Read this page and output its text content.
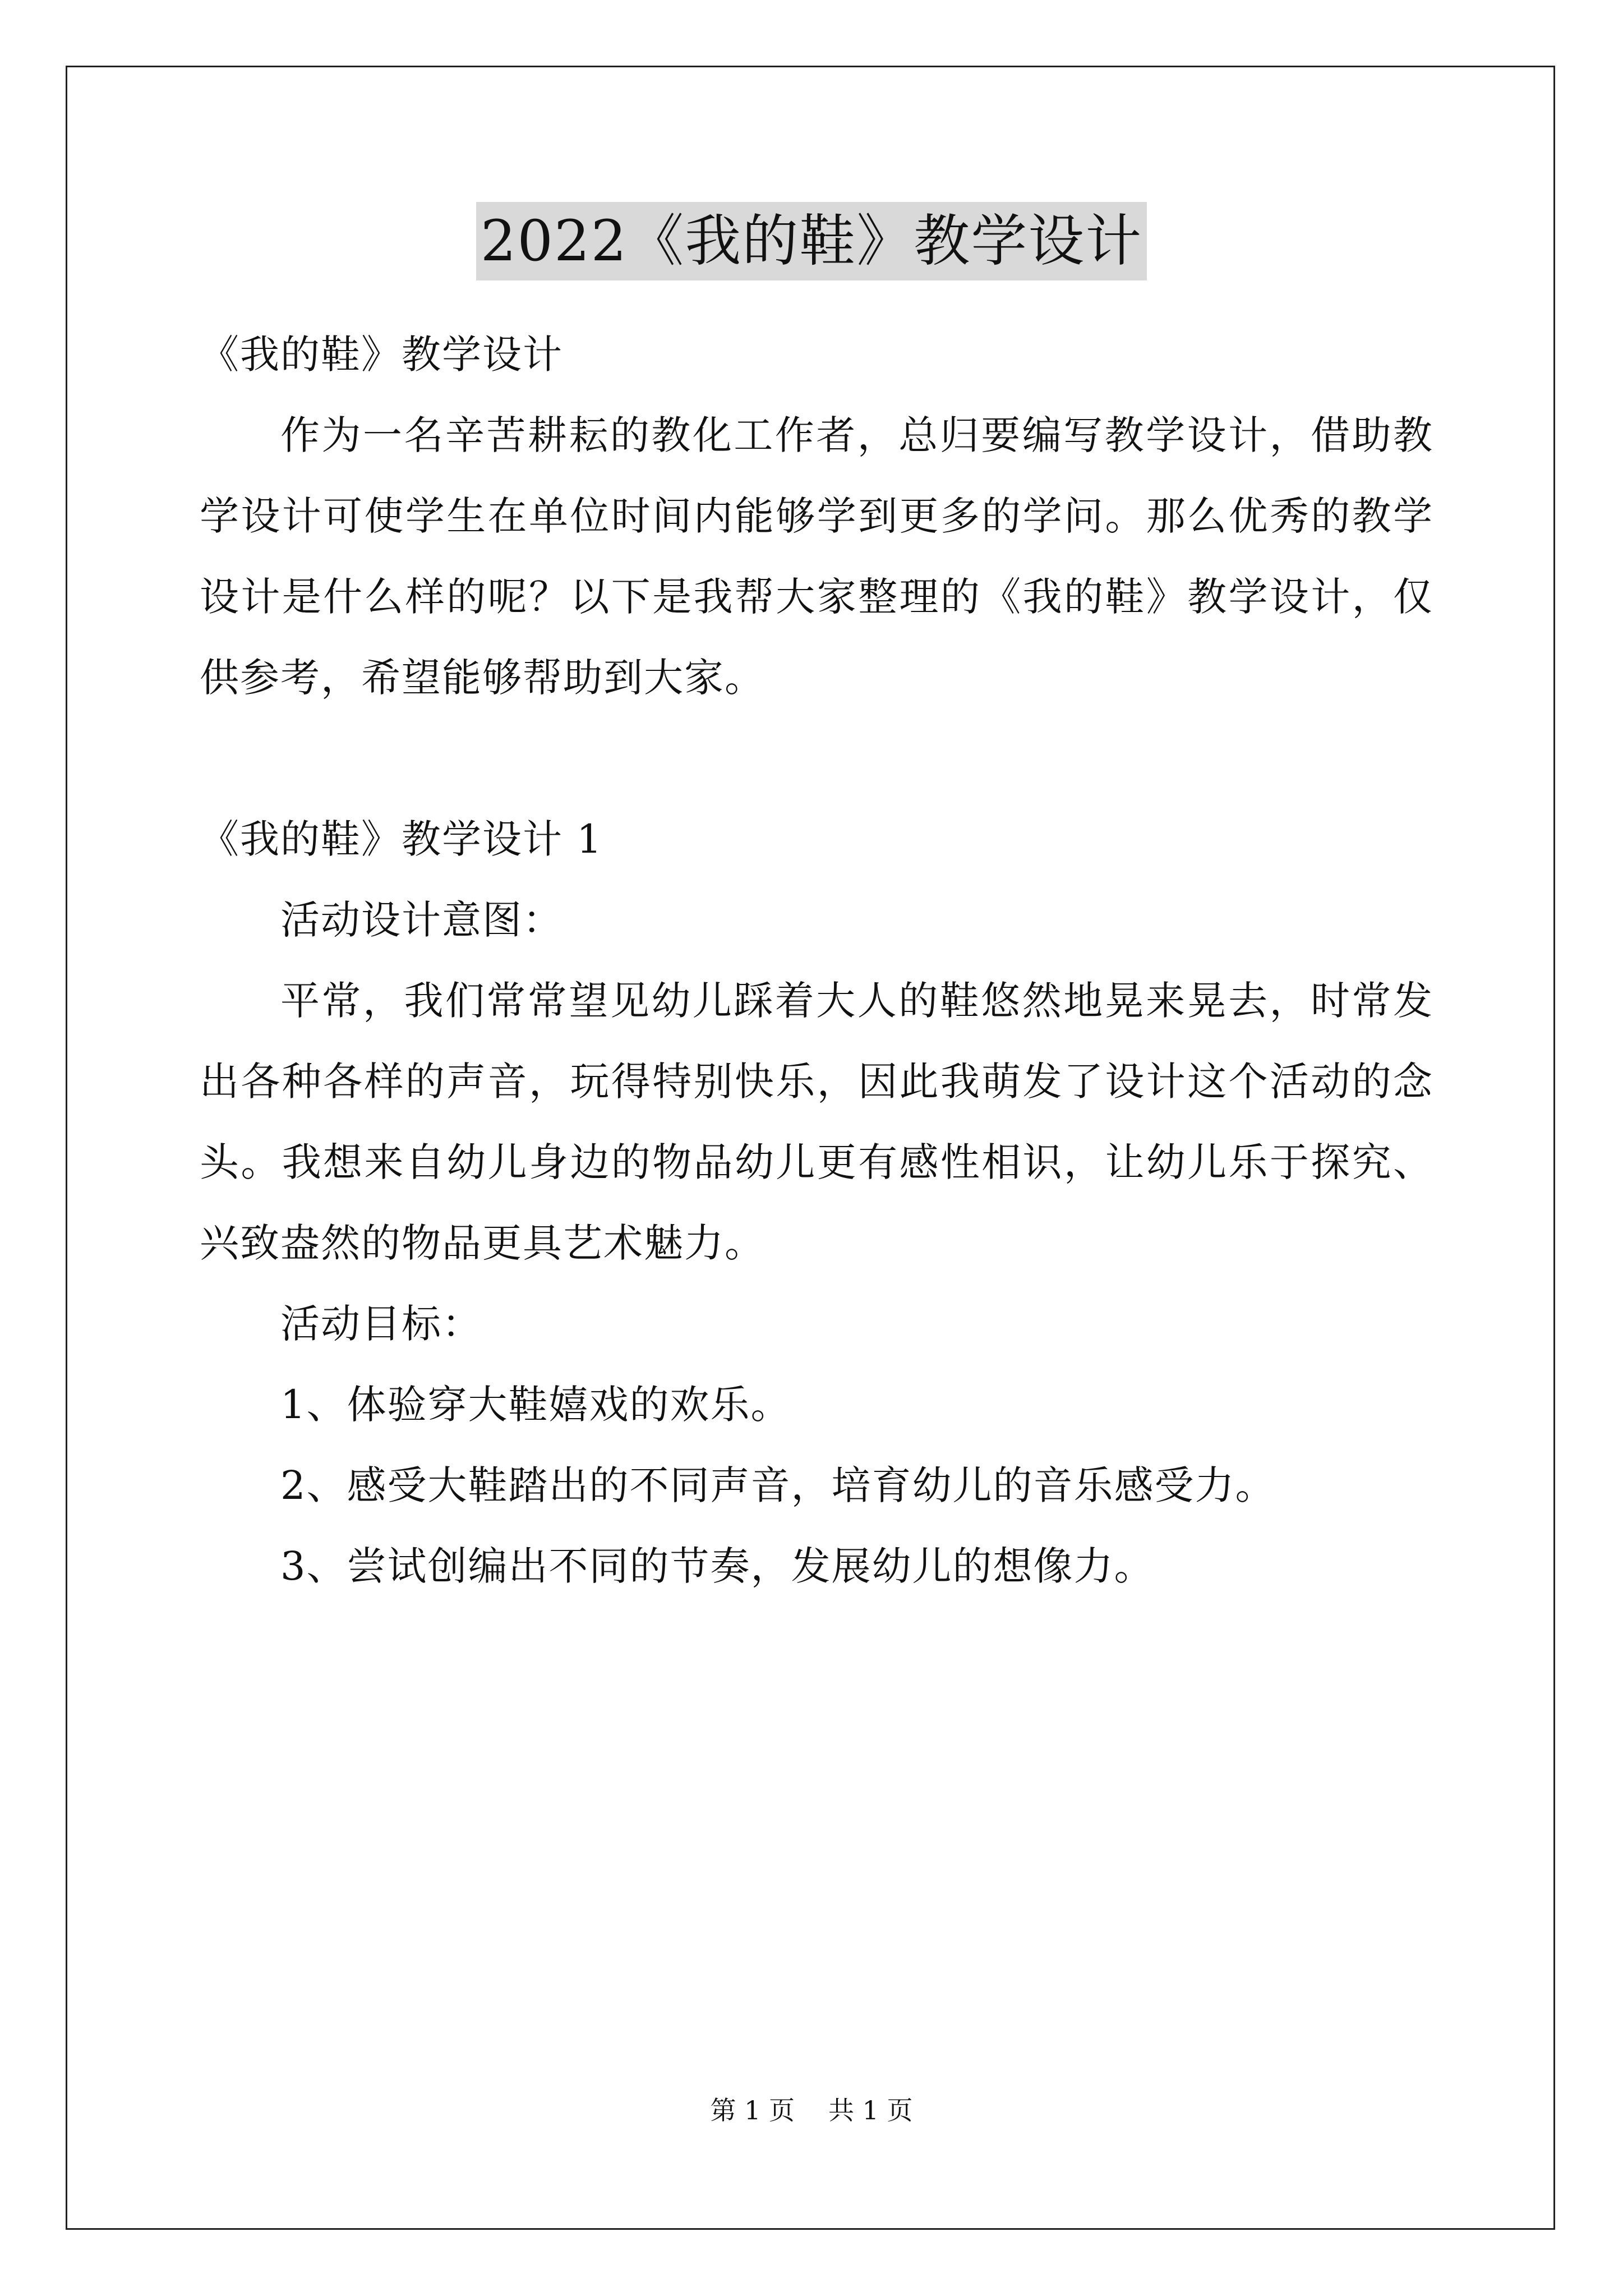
2022《我的鞋》教学设计

《我的鞋》教学设计

作为一名辛苦耕耘的教化工作者，总归要编写教学设计，借助教学设计可使学生在单位时间内能够学到更多的学问。那么优秀的教学设计是什么样的呢？以下是我帮大家整理的《我的鞋》教学设计，仅供参考，希望能够帮助到大家。

《我的鞋》教学设计 1

活动设计意图：

平常，我们常常望见幼儿踩着大人的鞋悠然地晃来晃去，时常发出各种各样的声音，玩得特别快乐，因此我萌发了设计这个活动的念头。我想来自幼儿身边的物品幼儿更有感性相识，让幼儿乐于探究、兴致盎然的物品更具艺术魅力。

活动目标：

1、体验穿大鞋嬉戏的欢乐。

2、感受大鞋踏出的不同声音，培育幼儿的音乐感受力。

3、尝试创编出不同的节奏，发展幼儿的想像力。

第 1 页 共 1 页
